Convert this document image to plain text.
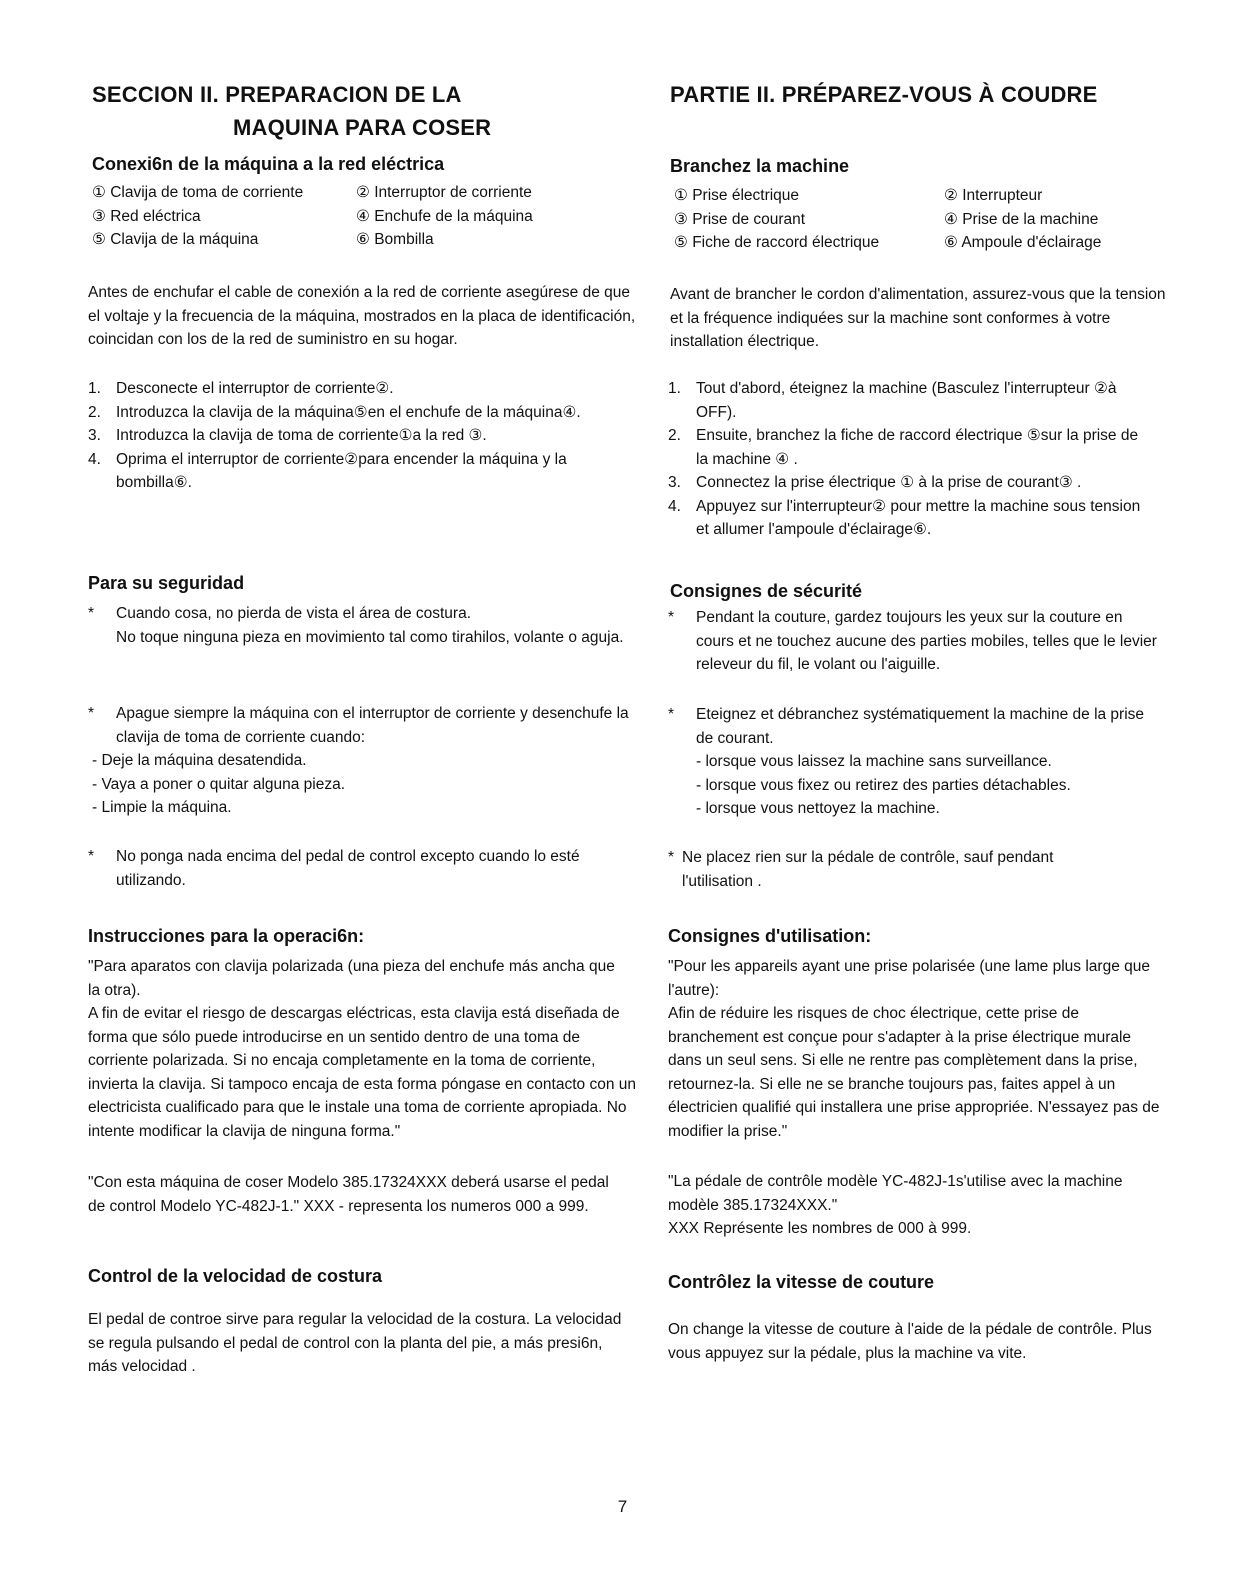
SECCION II. PREPARACION DE LA
MAQUINA PARA COSER
Conexi6n de la máquina a la red eléctrica
① Clavija de toma de corriente	② Interruptor de corriente
③ Red eléctrica	④ Enchufe de la máquina
⑤ Clavija de la máquina	⑥ Bombilla
Antes de enchufar el cable de conexión a la red de corriente asegúrese de que el voltaje y la frecuencia de la máquina, mostrados en la placa de identificación, coincidan con los de la red de suministro en su hogar.
1. Desconecte el interruptor de corriente②.
2. Introduzca la clavija de la máquina⑤en el enchufe de la máquina④.
3. Introduzca la clavija de toma de corriente①a la red ③.
4. Oprima el interruptor de corriente②para encender la máquina y la bombilla⑥.
Para su seguridad
* Cuando cosa, no pierda de vista el área de costura.
No toque ninguna pieza en movimiento tal como tirahilos, volante o aguja.
* Apague siempre la máquina con el interruptor de corriente y desenchufe la clavija de toma de corriente cuando:
- Deje la máquina desatendida.
- Vaya a poner o quitar alguna pieza.
- Limpie la máquina.
* No ponga nada encima del pedal de control excepto cuando lo esté utilizando.
Instrucciones para la operaci6n:
"Para aparatos con clavija polarizada (una pieza del enchufe más ancha que la otra).
A fin de evitar el riesgo de descargas eléctricas, esta clavija está diseñada de forma que sólo puede introducirse en un sentido dentro de una toma de corriente polarizada. Si no encaja completamente en la toma de corriente, invierta la clavija. Si tampoco encaja de esta forma póngase en contacto con un electricista cualificado para que le instale una toma de corriente apropiada. No intente modificar la clavija de ninguna forma."
"Con esta máquina de coser Modelo 385.17324XXX deberá usarse el pedal de control Modelo YC-482J-1." XXX - representa los numeros 000 a 999.
Control de la velocidad de costura
El pedal de controe sirve para regular la velocidad de la costura. La velocidad se regula pulsando el pedal de control con la planta del pie, a más presi6n, más velocidad .
PARTIE II. PRÉPAREZ-VOUS À COUDRE
Branchez la machine
① Prise électrique	② Interrupteur
③ Prise de courant	④ Prise de la machine
⑤ Fiche de raccord électrique	⑥ Ampoule d'éclairage
Avant de brancher le cordon d'alimentation, assurez-vous que la tension et la fréquence indiquées sur la machine sont conformes à votre installation électrique.
1. Tout d'abord, éteignez la machine (Basculez l'interrupteur ②à OFF).
2. Ensuite, branchez la fiche de raccord électrique ⑤sur la prise de la machine ④ .
3. Connectez la prise électrique ① à la prise de courant③ .
4. Appuyez sur l'interrupteur② pour mettre la machine sous tension et allumer l'ampoule d'éclairage⑥.
Consignes de sécurité
* Pendant la couture, gardez toujours les yeux sur la couture en cours et ne touchez aucune des parties mobiles, telles que le levier releveur du fil, le volant ou l'aiguille.
* Eteignez et débranchez systématiquement la machine de la prise de courant.
- lorsque vous laissez la machine sans surveillance.
- lorsque vous fixez ou retirez des parties détachables.
- lorsque vous nettoyez la machine.
* Ne placez rien sur la pédale de contrôle, sauf pendant l'utilisation .
Consignes d'utilisation:
"Pour les appareils ayant une prise polarisée (une lame plus large que l'autre):
Afin de réduire les risques de choc électrique, cette prise de branchement est conçue pour s'adapter à la prise électrique murale dans un seul sens. Si elle ne rentre pas complètement dans la prise, retournez-la. Si elle ne se branche toujours pas, faites appel à un électricien qualifié qui installera une prise appropriée. N'essayez pas de modifier la prise."
"La pédale de contrôle modèle YC-482J-1s'utilise avec la machine modèle 385.17324XXX."
XXX Représente les nombres de 000 à 999.
Contrôlez la vitesse de couture
On change la vitesse de couture à l'aide de la pédale de contrôle. Plus vous appuyez sur la pédale, plus la machine va vite.
7
